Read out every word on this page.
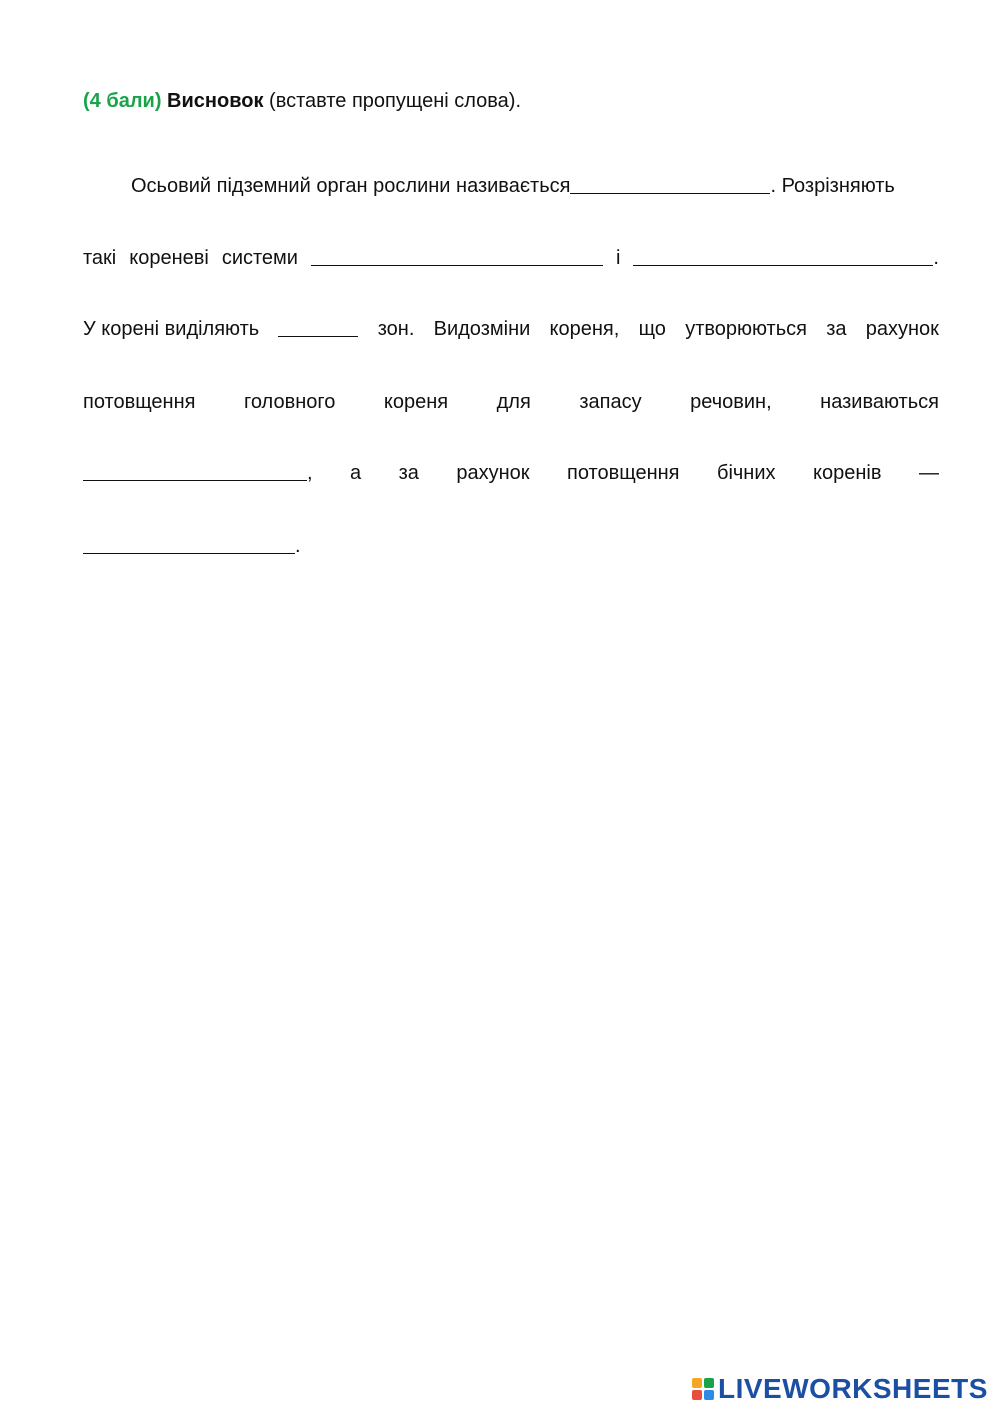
(4 бали) Висновок (вставте пропущені слова).
Осьовий підземний орган рослини називається	. Розрізняють
такі кореневі системи	і	.
У корені виділяють	зон. Видозміни кореня, що утворюються за рахунок
потовщення головного кореня для запасу речовин, називаються
, а за рахунок потовщення бічних коренів —
.
LIVEWORKSHEETS
